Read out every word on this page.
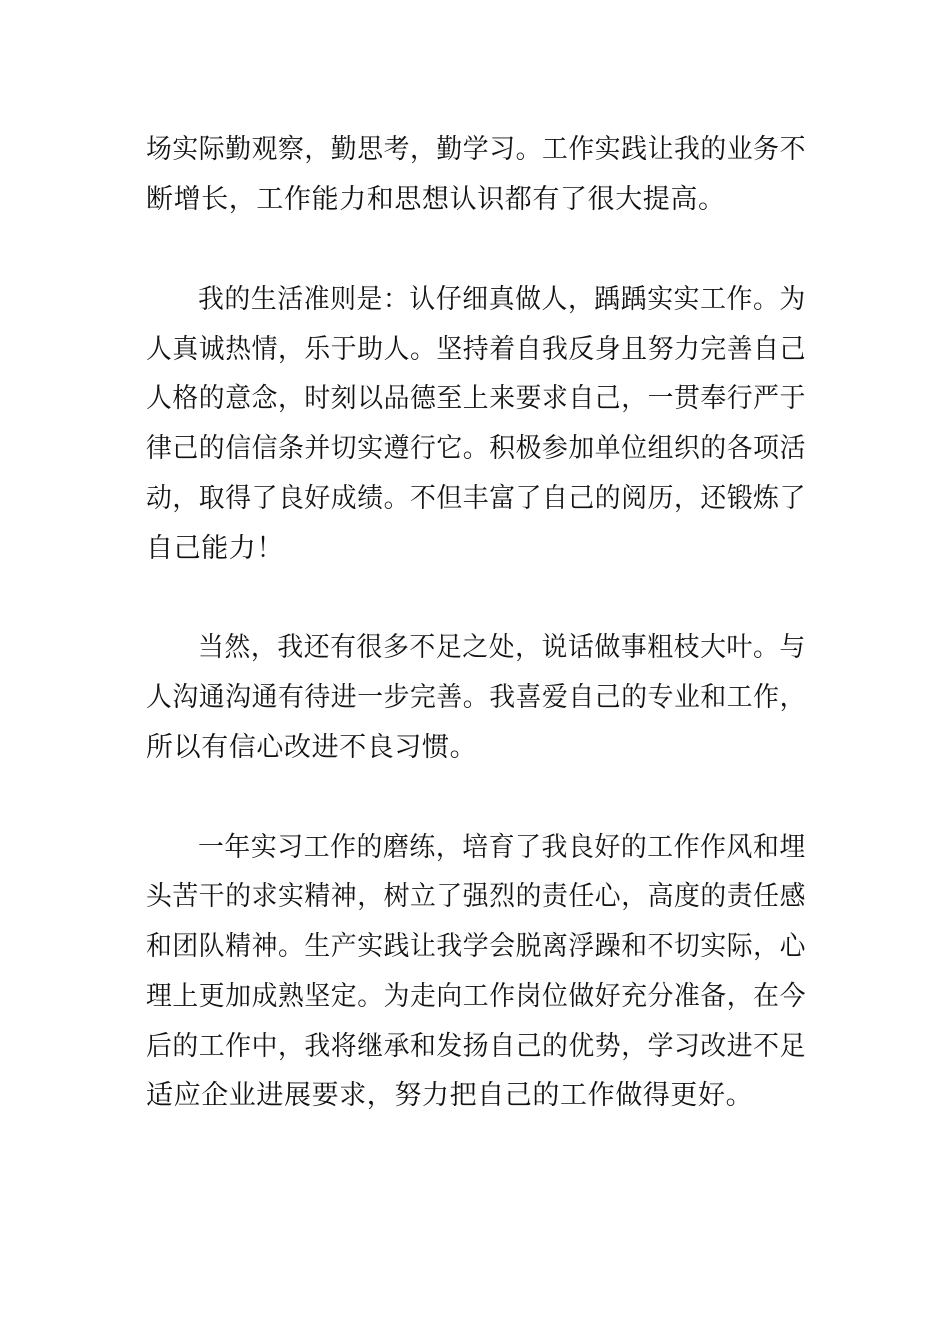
场实际勤观察，勤思考，勤学习。工作实践让我的业务不
断增长，工作能力和思想认识都有了很大提高。
我的生活准则是：认仔细真做人，踽踽实实工作。为
人真诚热情，乐于助人。坚持着自我反身且努力完善自己
人格的意念，时刻以品德至上来要求自己，一贯奉行严于
律己的信信条并切实遵行它。积极参加单位组织的各项活
动，取得了良好成绩。不但丰富了自己的阅历，还锻炼了
自己能力！
当然，我还有很多不足之处，说话做事粗枝大叶。与
人沟通沟通有待进一步完善。我喜爱自己的专业和工作，
所以有信心改进不良习惯。
一年实习工作的磨练，培育了我良好的工作作风和埋
头苦干的求实精神，树立了强烈的责任心，高度的责任感
和团队精神。生产实践让我学会脱离浮躁和不切实际，心
理上更加成熟坚定。为走向工作岗位做好充分准备，在今
后的工作中，我将继承和发扬自己的优势，学习改进不足
适应企业进展要求，努力把自己的工作做得更好。
